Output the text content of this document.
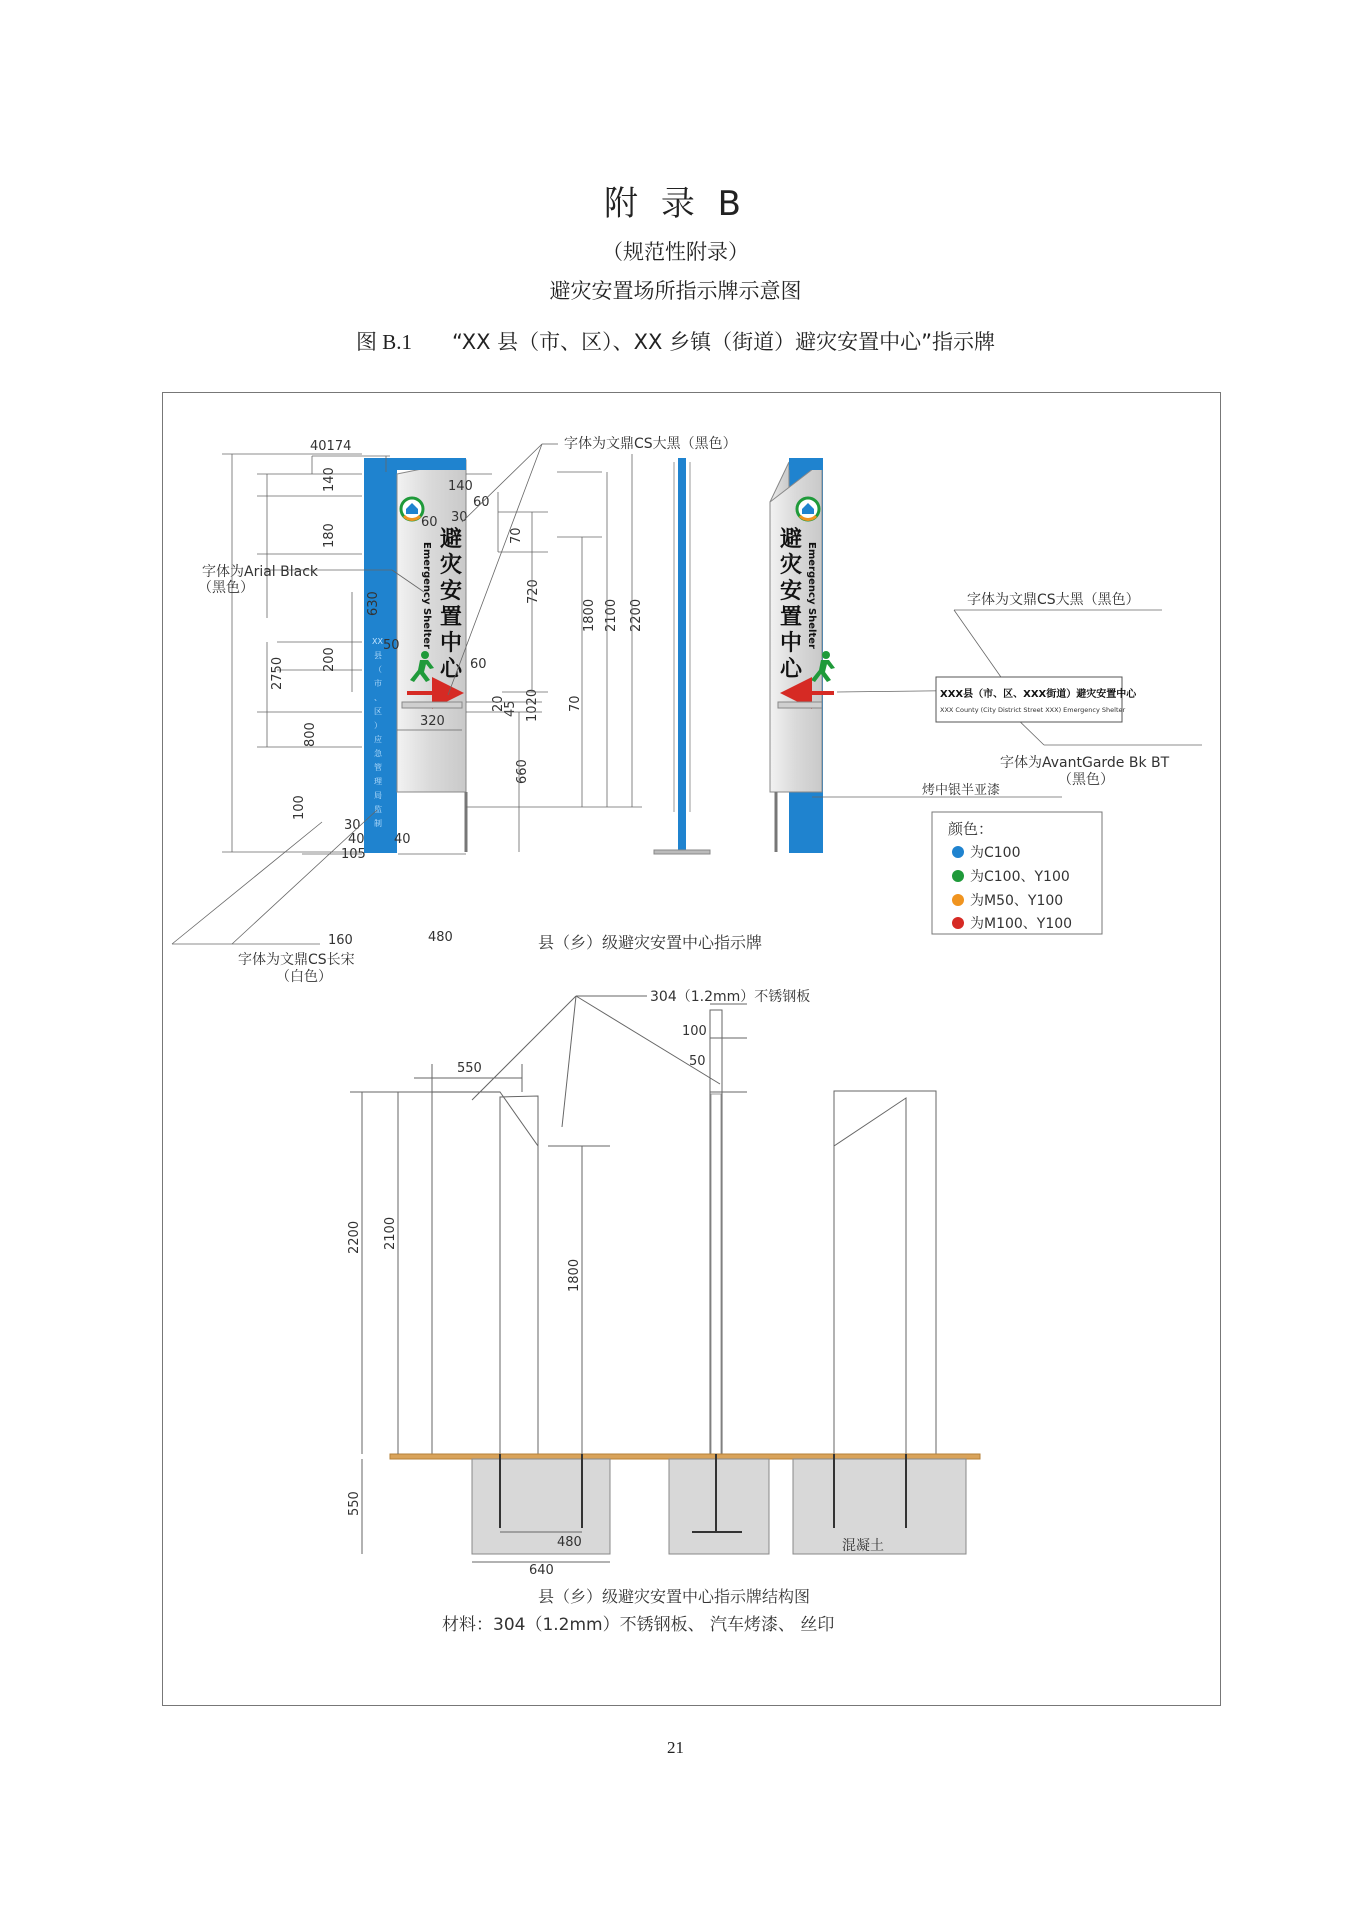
附 录 B
（规范性附录）
避灾安置场所指示牌示意图
图 B.1 “XX 县（市、区）、XX 乡镇（街道）避灾安置中心”指示牌
避
灾
安
置
中
心
Emergency Shelter
XX
县
（
市
、
区
）
应
急
管
理
局
监
制
40174
140
180
630
50
200
800
100
30
40 40
105
2750
140
60
30
60
70
720
1800 2100 2200
60
20
45 1020 70
320
660
160	480
字体为文鼎CS大黑（黑色）
字体为Arial Black
（黑色）
字体为文鼎CS长宋
（白色）
避
灾
安
置
中
心
Emergency Shelter	字体为文鼎CS大黑（黑色）
XXX县（市、区、XXX街道）避灾安置中心
XXX County (City District Street XXX) Emergency Shelter
字体为AvantGarde Bk BT
（黑色）
烤中银半亚漆
颜色：
为C100
为C100、Y100
为M50、Y100
为M100、Y100
县（乡）级避灾安置中心指示牌
304（1.2mm）不锈钢板
550
100
50
2200 2100
1800
550
480
640
混凝土
县（乡）级避灾安置中心指示牌结构图
材料：304（1.2mm）不锈钢板、 汽车烤漆、 丝印
21
